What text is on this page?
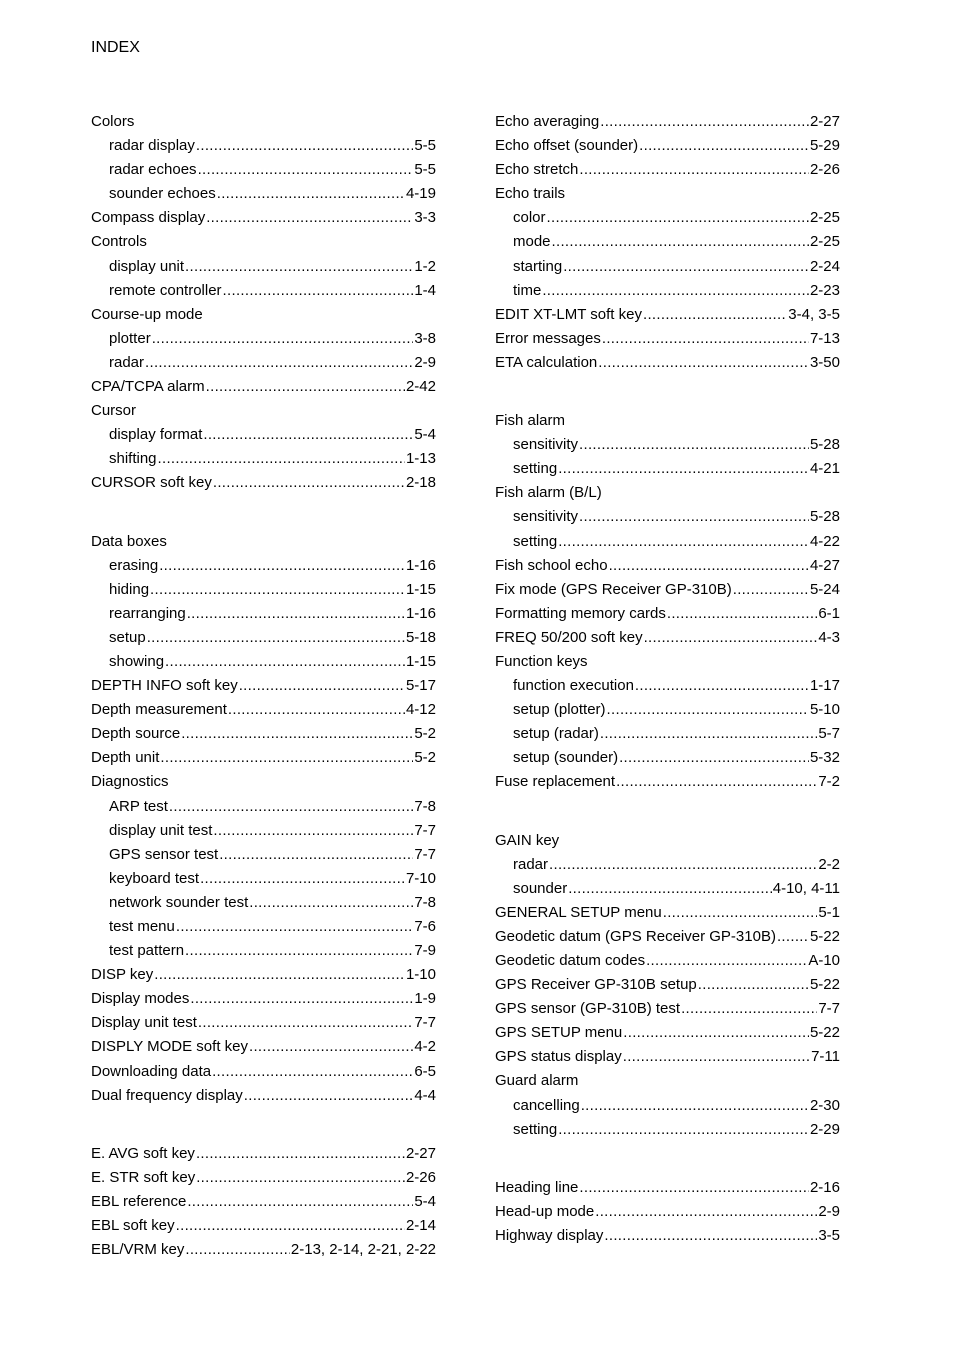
INDEX
Colors
radar display .....	5-5
radar echoes .....	5-5
sounder echoes .....	4-19
Compass display .....	3-3
Controls
display unit .....	1-2
remote controller .....	1-4
Course-up mode
plotter .....	3-8
radar .....	2-9
CPA/TCPA alarm .....	2-42
Cursor
display format .....	5-4
shifting .....	1-13
CURSOR soft key .....	2-18
Data boxes
erasing .....	1-16
hiding .....	1-15
rearranging .....	1-16
setup .....	5-18
showing .....	1-15
DEPTH INFO soft key .....	5-17
Depth measurement .....	4-12
Depth source .....	5-2
Depth unit .....	5-2
Diagnostics
ARP test .....	7-8
display unit test .....	7-7
GPS sensor test .....	7-7
keyboard test .....	7-10
network sounder test .....	7-8
test menu .....	7-6
test pattern .....	7-9
DISP key .....	1-10
Display modes .....	1-9
Display unit test .....	7-7
DISPLY MODE soft key .....	4-2
Downloading data .....	6-5
Dual frequency display .....	4-4
E. AVG soft key .....	2-27
E. STR soft key .....	2-26
EBL reference .....	5-4
EBL soft key .....	2-14
EBL/VRM key .....	2-13, 2-14, 2-21, 2-22
Echo averaging .....	2-27
Echo offset (sounder) .....	5-29
Echo stretch .....	2-26
Echo trails
color .....	2-25
mode .....	2-25
starting .....	2-24
time .....	2-23
EDIT XT-LMT soft key .....	3-4, 3-5
Error messages .....	7-13
ETA calculation .....	3-50
Fish alarm
sensitivity .....	5-28
setting .....	4-21
Fish alarm (B/L)
sensitivity .....	5-28
setting .....	4-22
Fish school echo .....	4-27
Fix mode (GPS Receiver GP-310B) .....	5-24
Formatting memory cards .....	6-1
FREQ 50/200 soft key .....	4-3
Function keys
function execution .....	1-17
setup (plotter) .....	5-10
setup (radar) .....	5-7
setup (sounder) .....	5-32
Fuse replacement .....	7-2
GAIN key
radar .....	2-2
sounder .....	4-10, 4-11
GENERAL SETUP menu .....	5-1
Geodetic datum (GPS Receiver GP-310B) ..... 5-22
Geodetic datum codes .....	A-10
GPS Receiver GP-310B setup .....	5-22
GPS sensor (GP-310B) test .....	7-7
GPS SETUP menu .....	5-22
GPS status display .....	7-11
Guard alarm
cancelling .....	2-30
setting .....	2-29
Heading line .....	2-16
Head-up mode .....	2-9
Highway display .....	3-5
